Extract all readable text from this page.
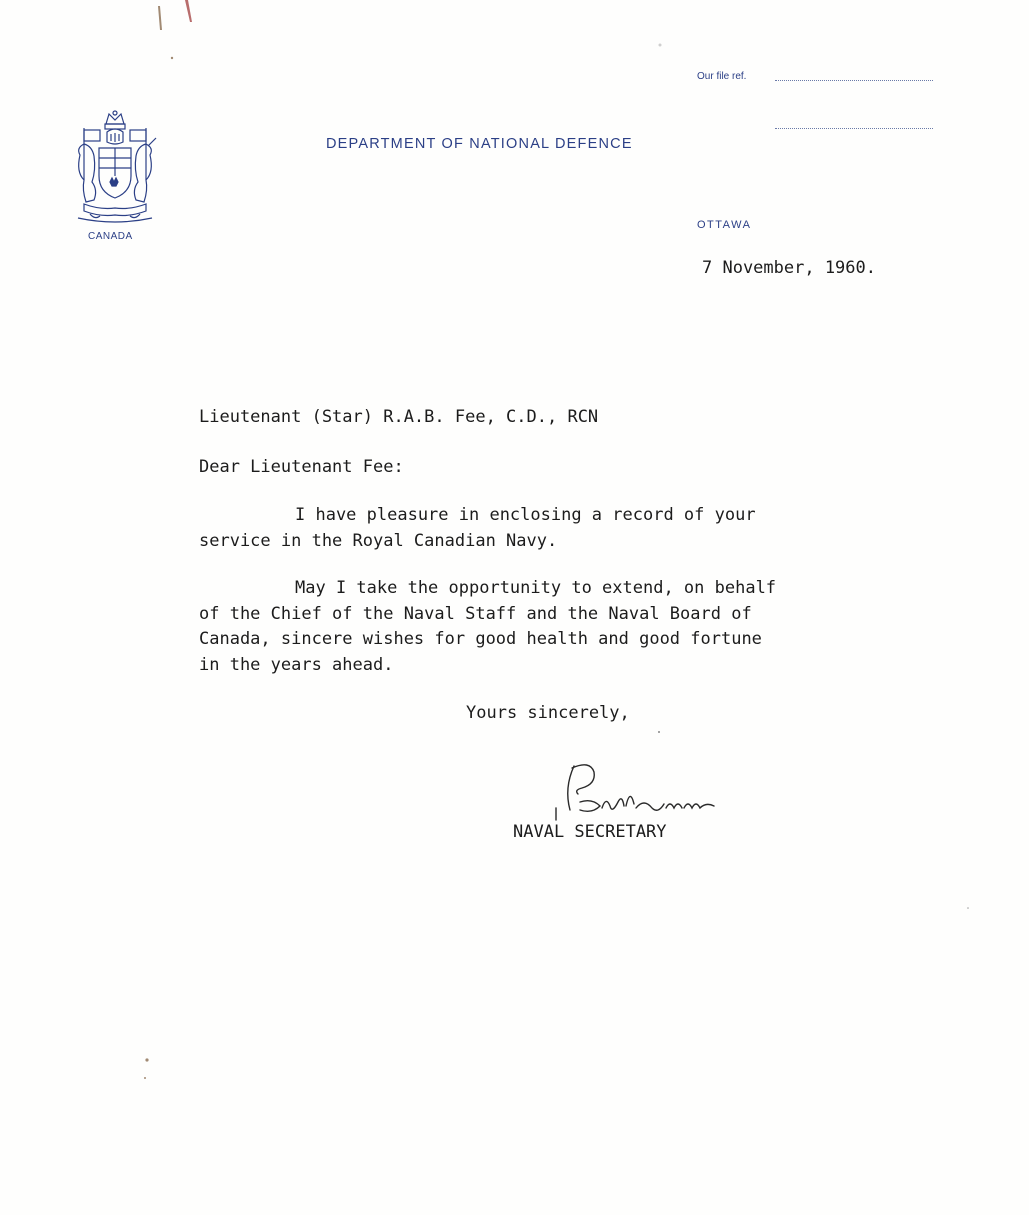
CANADA
DEPARTMENT OF NATIONAL DEFENCE
Our file ref.
OTTAWA
7 November, 1960.
Lieutenant (Star) R.A.B. Fee, C.D., RCN
Dear Lieutenant Fee:
I have pleasure in enclosing a record of your
service in the Royal Canadian Navy.
May I take the opportunity to extend, on behalf
of the Chief of the Naval Staff and the Naval Board of
Canada, sincere wishes for good health and good fortune
in the years ahead.
Yours sincerely,
NAVAL SECRETARY
